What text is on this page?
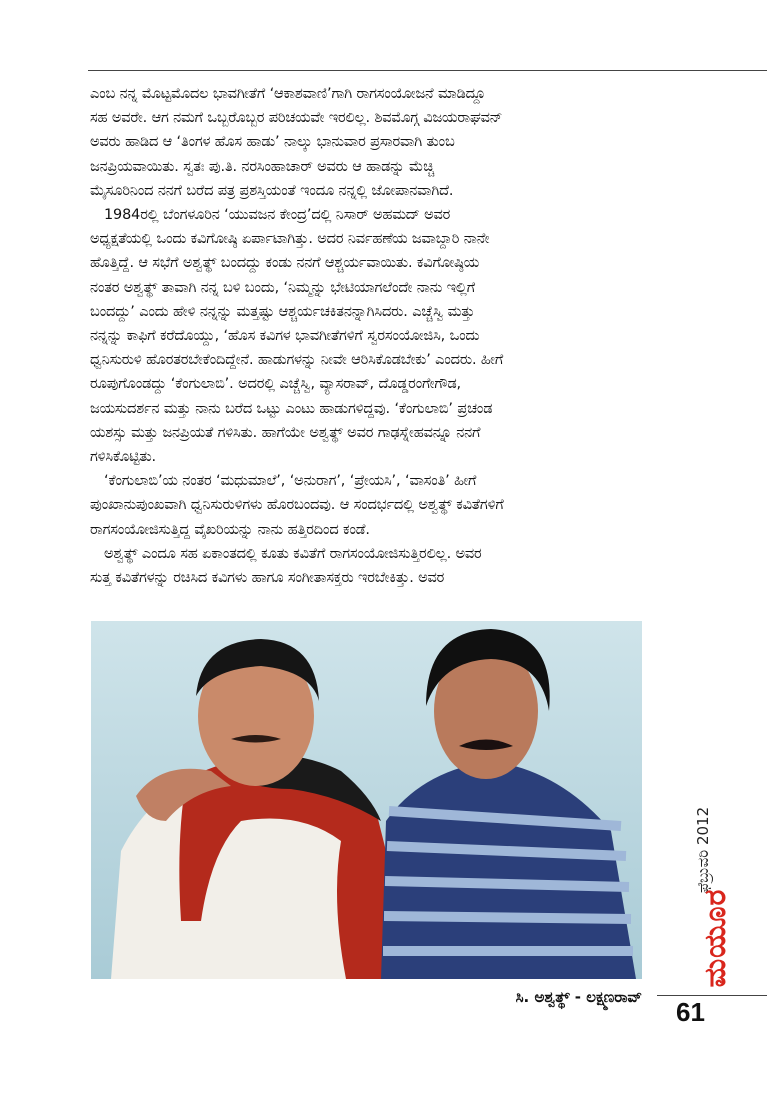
ಎಂಬ ನನ್ನ ಮೊಟ್ಟಮೊದಲ ಭಾವಗೀತೆಗೆ ‘ಆಕಾಶವಾಣಿ’ಗಾಗಿ ರಾಗಸಂಯೋಜನೆ ಮಾಡಿದ್ದೂ
ಸಹ ಅವರೇ. ಆಗ ನಮಗೆ ಒಬ್ಬರೊಬ್ಬರ ಪರಿಚಯವೇ ಇರಲಿಲ್ಲ. ಶಿವಮೊಗ್ಗ ವಿಜಯರಾಘವನ್
ಅವರು ಹಾಡಿದ ಆ ‘ತಿಂಗಳ ಹೊಸ ಹಾಡು’ ನಾಲ್ಕು ಭಾನುವಾರ ಪ್ರಸಾರವಾಗಿ ತುಂಬ
ಜನಪ್ರಿಯವಾಯಿತು. ಸ್ವತಃ ಪು.ತಿ. ನರಸಿಂಹಾಚಾರ್ ಅವರು ಆ ಹಾಡನ್ನು ಮೆಚ್ಚಿ
ಮೈಸೂರಿನಿಂದ ನನಗೆ ಬರೆದ ಪತ್ರ ಪ್ರಶಸ್ತಿಯಂತೆ ಇಂದೂ ನನ್ನಲ್ಲಿ ಜೋಪಾನವಾಗಿದೆ.
1984ರಲ್ಲಿ ಬೆಂಗಳೂರಿನ ‘ಯುವಜನ ಕೇಂದ್ರ’ದಲ್ಲಿ ನಿಸಾರ್ ಅಹಮದ್ ಅವರ
ಅಧ್ಯಕ್ಷತೆಯಲ್ಲಿ ಒಂದು ಕವಿಗೋಷ್ಠಿ ಏರ್ಪಾಟಾಗಿತ್ತು. ಅದರ ನಿರ್ವಹಣೆಯ ಜವಾಬ್ದಾರಿ ನಾನೇ
ಹೊತ್ತಿದ್ದೆ. ಆ ಸಭೆಗೆ ಅಶ್ವತ್ಥ್ ಬಂದದ್ದು ಕಂಡು ನನಗೆ ಆಶ್ಚರ್ಯವಾಯಿತು. ಕವಿಗೋಷ್ಠಿಯ
ನಂತರ ಅಶ್ವತ್ಥ್ ತಾವಾಗಿ ನನ್ನ ಬಳಿ ಬಂದು, ‘ನಿಮ್ಮನ್ನು ಭೇಟಿಯಾಗಲೆಂದೇ ನಾನು ಇಲ್ಲಿಗೆ
ಬಂದದ್ದು’ ಎಂದು ಹೇಳಿ ನನ್ನನ್ನು ಮತ್ತಷ್ಟು ಆಶ್ಚರ್ಯಚಕಿತನನ್ನಾಗಿಸಿದರು. ಎಚ್ಚೆಸ್ವಿ ಮತ್ತು
ನನ್ನನ್ನು ಕಾಫಿಗೆ ಕರೆದೊಯ್ದು, ‘ಹೊಸ ಕವಿಗಳ ಭಾವಗೀತೆಗಳಿಗೆ ಸ್ವರಸಂಯೋಜಿಸಿ, ಒಂದು
ಧ್ವನಿಸುರುಳಿ ಹೊರತರಬೇಕೆಂದಿದ್ದೇನೆ. ಹಾಡುಗಳನ್ನು ನೀವೇ ಆರಿಸಿಕೊಡಬೇಕು’ ಎಂದರು. ಹೀಗೆ
ರೂಪುಗೊಂಡದ್ದು ‘ಕೆಂಗುಲಾಬಿ’. ಅದರಲ್ಲಿ ಎಚ್ಚೆಸ್ವಿ, ವ್ಯಾಸರಾವ್, ದೊಡ್ಡರಂಗೇಗೌಡ,
ಜಯಸುದರ್ಶನ ಮತ್ತು ನಾನು ಬರೆದ ಒಟ್ಟು ಎಂಟು ಹಾಡುಗಳಿದ್ದವು. ‘ಕೆಂಗುಲಾಬಿ’ ಪ್ರಚಂಡ
ಯಶಸ್ಸು ಮತ್ತು ಜನಪ್ರಿಯತೆ ಗಳಿಸಿತು. ಹಾಗೆಯೇ ಅಶ್ವತ್ಥ್ ಅವರ ಗಾಢಸ್ನೇಹವನ್ನೂ ನನಗೆ
ಗಳಿಸಿಕೊಟ್ಟಿತು.
‘ಕೆಂಗುಲಾಬಿ’ಯ ನಂತರ ‘ಮಧುಮಾಲೆ’, ‘ಅನುರಾಗ’, ‘ಪ್ರೇಯಸಿ’, ‘ವಾಸಂತಿ’ ಹೀಗೆ
ಪುಂಖಾನುಪುಂಖವಾಗಿ ಧ್ವನಿಸುರುಳಿಗಳು ಹೊರಬಂದವು. ಆ ಸಂದರ್ಭದಲ್ಲಿ ಅಶ್ವತ್ಥ್ ಕವಿತೆಗಳಿಗೆ
ರಾಗಸಂಯೋಜಿಸುತ್ತಿದ್ದ ವೈಖರಿಯನ್ನು ನಾನು ಹತ್ತಿರದಿಂದ ಕಂಡೆ.
ಅಶ್ವತ್ಥ್ ಎಂದೂ ಸಹ ಏಕಾಂತದಲ್ಲಿ ಕೂತು ಕವಿತೆಗೆ ರಾಗಸಂಯೋಜಿಸುತ್ತಿರಲಿಲ್ಲ. ಅವರ
ಸುತ್ತ ಕವಿತೆಗಳನ್ನು ರಚಿಸಿದ ಕವಿಗಳು ಹಾಗೂ ಸಂಗೀತಾಸಕ್ತರು ಇರಬೇಕಿತ್ತು. ಅವರ
ಸಿ. ಅಶ್ವತ್ಥ್ - ಲಕ್ಷ್ಮಣರಾವ್ 61
ಫೆಬ್ರುವರಿ 2012
ಮಯೂರ
